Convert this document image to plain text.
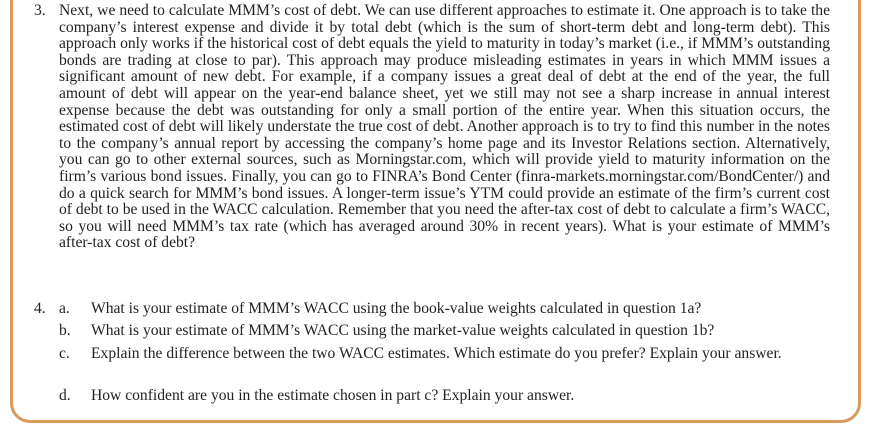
3. Next, we need to calculate MMM’s cost of debt. We can use different approaches to estimate it. One approach is to take the company’s interest expense and divide it by total debt (which is the sum of short-term debt and long-term debt). This approach only works if the historical cost of debt equals the yield to maturity in today’s market (i.e., if MMM’s outstanding bonds are trading at close to par). This approach may produce misleading estimates in years in which MMM issues a significant amount of new debt. For example, if a company issues a great deal of debt at the end of the year, the full amount of debt will appear on the year-end balance sheet, yet we still may not see a sharp increase in annual interest expense because the debt was outstanding for only a small portion of the entire year. When this situation occurs, the estimated cost of debt will likely understate the true cost of debt. Another approach is to try to find this number in the notes to the company’s annual report by accessing the company’s home page and its Investor Relations section. Alternatively, you can go to other external sources, such as Morningstar.com, which will provide yield to maturity information on the firm’s various bond issues. Finally, you can go to FINRA’s Bond Center (finra-markets.morningstar.com/BondCenter/) and do a quick search for MMM’s bond issues. A longer-term issue’s YTM could provide an estimate of the firm’s current cost of debt to be used in the WACC calculation. Remember that you need the after-tax cost of debt to calculate a firm’s WACC, so you will need MMM’s tax rate (which has averaged around 30% in recent years). What is your estimate of MMM’s after-tax cost of debt?
4. a. What is your estimate of MMM’s WACC using the book-value weights calculated in question 1a?
b. What is your estimate of MMM’s WACC using the market-value weights calculated in question 1b?
c. Explain the difference between the two WACC estimates. Which estimate do you prefer? Explain your answer.
d. How confident are you in the estimate chosen in part c? Explain your answer.
